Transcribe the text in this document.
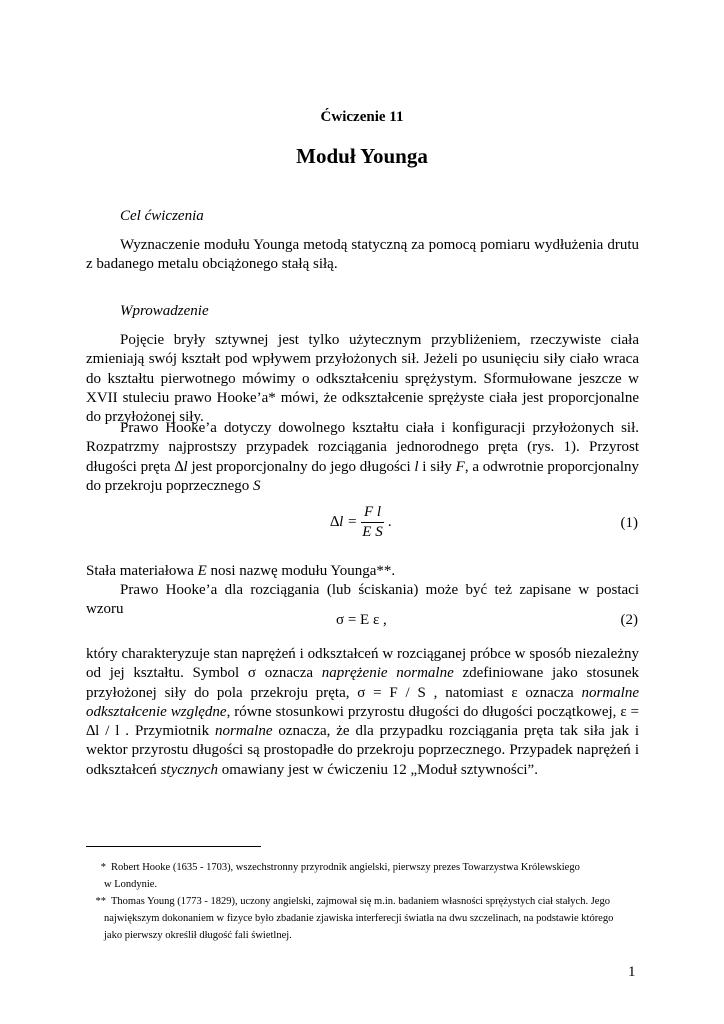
Ćwiczenie 11
Moduł Younga
Cel ćwiczenia

Wyznaczenie modułu Younga metodą statyczną za pomocą pomiaru wydłużenia drutu z badanego metalu obciążonego stałą siłą.

Wprowadzenie

Pojęcie bryły sztywnej jest tylko użytecznym przybliżeniem, rzeczywiste ciała zmieniają swój kształt pod wpływem przyłożonych sił. Jeżeli po usunięciu siły ciało wraca do kształtu pierwotnego mówimy o odkształceniu sprężystym. Sformułowane jeszcze w XVII stuleciu prawo Hooke’a* mówi, że odkształcenie sprężyste ciała jest proporcjonalne do przyłożonej siły.

Prawo Hooke’a dotyczy dowolnego kształtu ciała i konfiguracji przyłożonych sił. Rozpatrzmy najprostszy przypadek rozciągania jednorodnego pręta (rys. 1). Przyrost długości pręta ∆l jest proporcjonalny do jego długości l i siły F, a odwrotnie proporcjonalny do przekroju poprzecznego S

$\Delta l = \frac{\text{F l}}{\text{E S}}$ .	(1)

Stała materiałowa E nosi nazwę modułu Younga**.

Prawo Hooke’a dla rozciągania (lub ściskania) może być też zapisane w postaci wzoru

σ = E ε ,	(2)

który charakteryzuje stan naprężeń i odkształceń w rozciąganej próbce w sposób niezależny od jej kształtu. Symbol σ oznacza naprężenie normalne zdefiniowane jako stosunek przyłożonej siły do pola przekroju pręta, σ = F / S , natomiast ε oznacza normalne odkształcenie względne, równe stosunkowi przyrostu długości do długości początkowej, ε = ∆l / l . Przymiotnik normalne oznacza, że dla przypadku rozciągania pręta tak siła jak i wektor przyrostu długości są prostopadłe do przekroju poprzecznego. Przypadek naprężeń i odkształceń stycznych omawiany jest w ćwiczeniu 12 „Moduł sztywności”.

* Robert Hooke (1635 - 1703), wszechstronny przyrodnik angielski, pierwszy prezes Towarzystwa Królewskiego
w Londynie.
** Thomas Young (1773 - 1829), uczony angielski, zajmował się m.in. badaniem własności sprężystych ciał stałych. Jego
największym dokonaniem w fizyce było zbadanie zjawiska interferecji światła na dwu szczelinach, na podstawie którego
jako pierwszy określił długość fali świetlnej.
1
